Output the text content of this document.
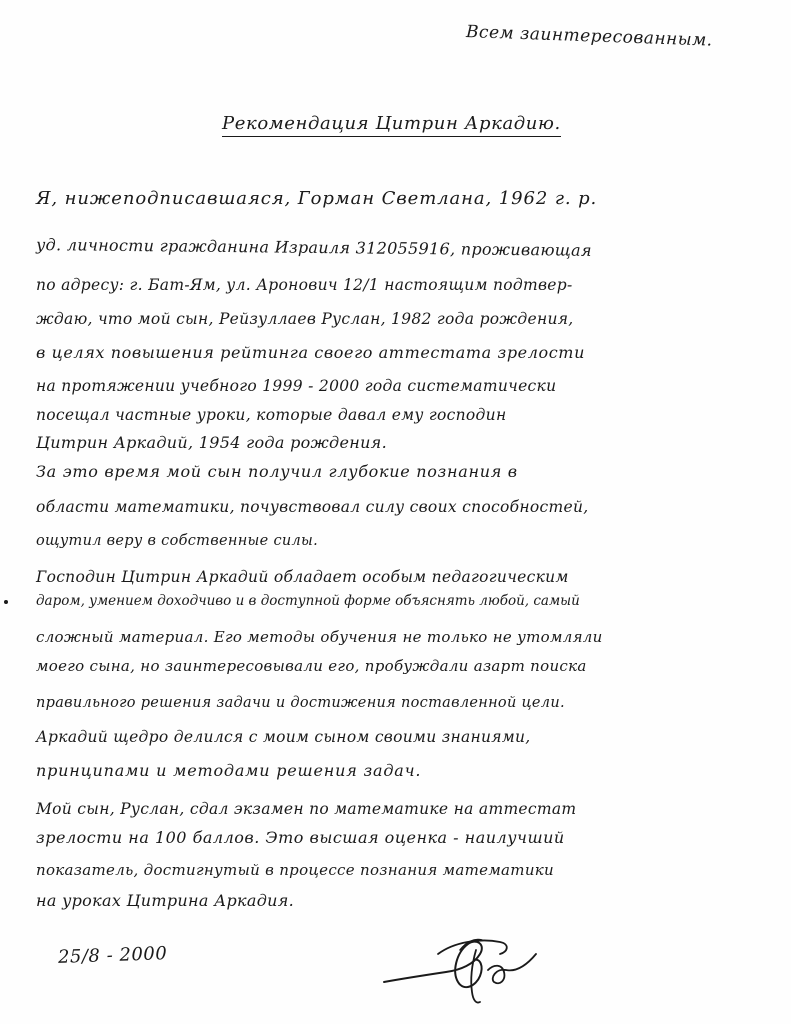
Всем заинтересованным.
Рекомендация Цитрин Аркадию.
Я, нижеподписавшаяся, Горман Светлана, 1962 г. р.
уд. личности гражданина Израиля 312055916, проживающая
по адресу: г. Бат-Ям, ул. Аронович 12/1 настоящим подтвер-
ждаю, что мой сын, Рейзуллаев Руслан, 1982 года рождения,
в целях повышения рейтинга своего аттестата зрелости
на протяжении учебного 1999 - 2000 года систематически
посещал частные уроки, которые давал ему господин
Цитрин Аркадий, 1954 года рождения.
За это время мой сын получил глубокие познания в
области математики, почувствовал силу своих способностей,
ощутил веру в собственные силы.
Господин Цитрин Аркадий обладает особым педагогическим
даром, умением доходчиво и в доступной форме объяснять любой, самый
сложный материал. Его методы обучения не только не утомляли
моего сына, но заинтересовывали его, пробуждали азарт поиска
правильного решения задачи и достижения поставленной цели.
Аркадий щедро делился с моим сыном своими знаниями,
принципами и методами решения задач.
Мой сын, Руслан, сдал экзамен по математике на аттестат
зрелости на 100 баллов. Это высшая оценка - наилучший
показатель, достигнутый в процессе познания математики
на уроках Цитрина Аркадия.
25/8 - 2000
